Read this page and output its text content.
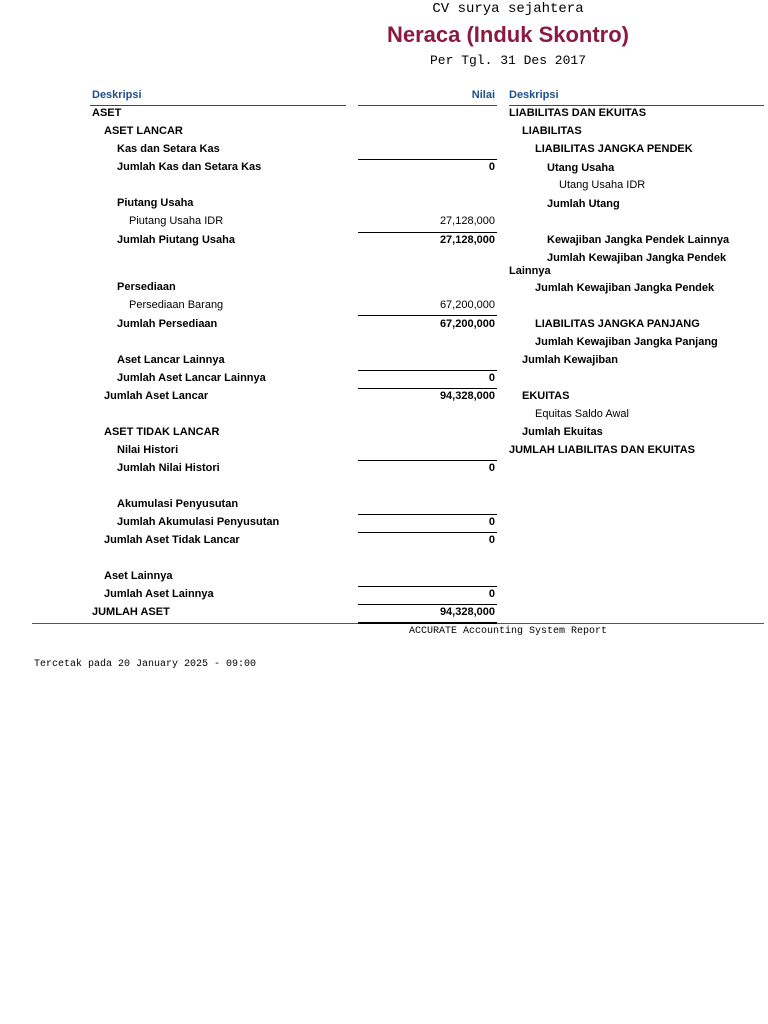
CV surya sejahtera
Neraca (Induk Skontro)
Per Tgl. 31 Des 2017
Deskripsi	Nilai Deskripsi
ASET
ASET LANCAR
Kas dan Setara Kas
Jumlah Kas dan Setara Kas	0
Piutang Usaha
Piutang Usaha IDR	27,128,000
Jumlah Piutang Usaha	27,128,000
Persediaan
Persediaan Barang	67,200,000
Jumlah Persediaan	67,200,000
Aset Lancar Lainnya
Jumlah Aset Lancar Lainnya	0
Jumlah Aset Lancar	94,328,000
ASET TIDAK LANCAR
Nilai Histori
Jumlah Nilai Histori	0
Akumulasi Penyusutan
Jumlah Akumulasi Penyusutan	0
Jumlah Aset Tidak Lancar	0
Aset Lainnya
Jumlah Aset Lainnya	0
JUMLAH ASET	94,328,000
LIABILITAS DAN EKUITAS
LIABILITAS
LIABILITAS JANGKA PENDEK
Utang Usaha
Utang Usaha IDR
Jumlah Utang
Kewajiban Jangka Pendek Lainnya
Jumlah Kewajiban Jangka Pendek Lainnya
Jumlah Kewajiban Jangka Pendek
LIABILITAS JANGKA PANJANG
Jumlah Kewajiban Jangka Panjang
Jumlah Kewajiban
EKUITAS
Equitas Saldo Awal
Jumlah Ekuitas
JUMLAH LIABILITAS DAN EKUITAS
ACCURATE Accounting System Report
Tercetak pada 20 January 2025 - 09:00
